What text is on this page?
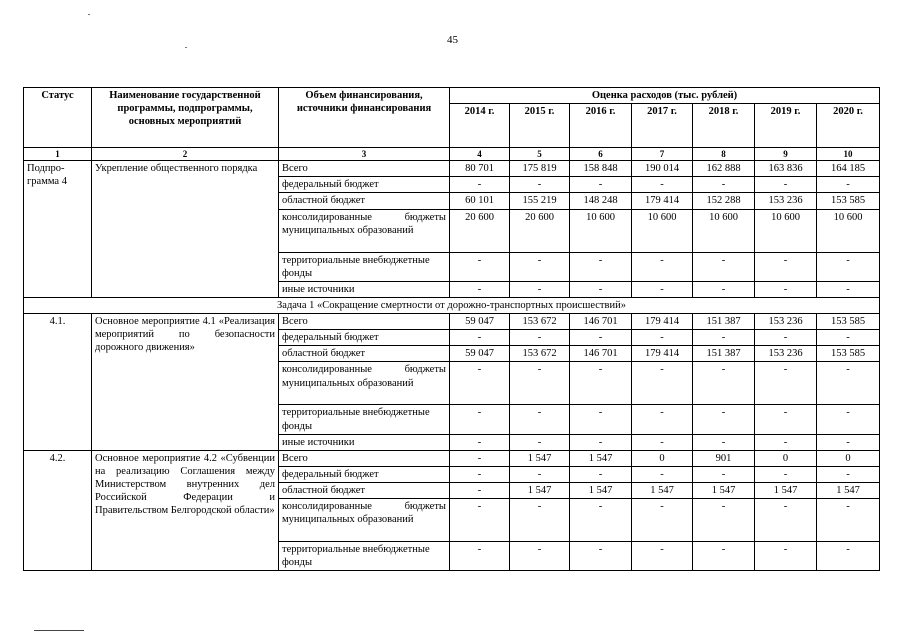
45
Статус	Наименование государственной программы, подпрограммы, основных мероприятий	Объем финансирования, источники финансирования	Оценка расходов (тыс. рублей)						
			2014 г.	2015 г.	2016 г.	2017 г.	2018 г.	2019 г.	2020 г.
1	2	3	4	5	6	7	8	9	10
Подпро-грамма 4	Укрепление общественного порядка	Всего	80 701	175 819	158 848	190 014	162 888	163 836	164 185
		федеральный бюджет	-	-	-	-	-	-	-
		областной бюджет	60 101	155 219	148 248	179 414	152 288	153 236	153 585
		консолидированные бюджеты муниципальных образований	20 600	20 600	10 600	10 600	10 600	10 600	10 600
		территориальные внебюджетные фонды	-	-	-	-	-	-	-
		иные источники	-	-	-	-	-	-	-
Задача 1 «Сокращение смертности от дорожно-транспортных происшествий»									
4.1.	Основное мероприятие 4.1 «Реализация мероприятий по безопасности дорожного движения»	Всего	59 047	153 672	146 701	179 414	151 387	153 236	153 585
		федеральный бюджет	-	-	-	-	-	-	-
		областной бюджет	59 047	153 672	146 701	179 414	151 387	153 236	153 585
		консолидированные бюджеты муниципальных образований	-	-	-	-	-	-	-
		территориальные внебюджетные фонды	-	-	-	-	-	-	-
		иные источники	-	-	-	-	-	-	-
4.2.	Основное мероприятие 4.2 «Субвенции на реализацию Соглашения между Министерством внутренних дел Российской Федерации и Правительством Белгородской области»	Всего	-	1 547	1 547	0	901	0	0
		федеральный бюджет	-	-	-	-	-	-	-
		областной бюджет	-	1 547	1 547	1 547	1 547	1 547	1 547
		консолидированные бюджеты муниципальных образований	-	-	-	-	-	-	-
		территориальные внебюджетные фонды	-	-	-	-	-	-	-
